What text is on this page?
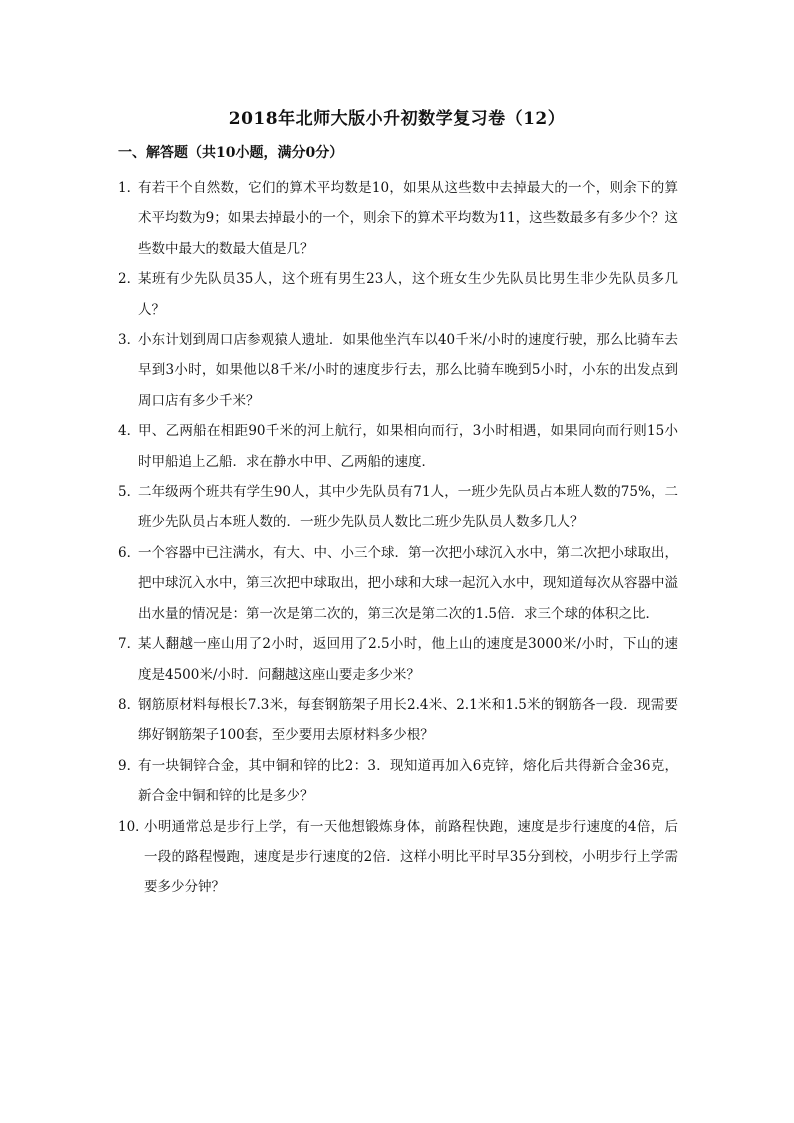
2018年北师大版小升初数学复习卷（12）
一、解答题（共10小题，满分0分）
1．
有若干个自然数，它们的算术平均数是10，如果从这些数中去掉最大的一个，则余下的算术平均数为9；如果去掉最小的一个，则余下的算术平均数为11，这些数最多有多少个？这些数中最大的数最大值是几？
2．
某班有少先队员35人，这个班有男生23人，这个班女生少先队员比男生非少先队员多几人？
3．
小东计划到周口店参观猿人遗址．如果他坐汽车以40千米/小时的速度行驶，那么比骑车去早到3小时，如果他以8千米/小时的速度步行去，那么比骑车晚到5小时，小东的出发点到周口店有多少千米？
4．
甲、乙两船在相距90千米的河上航行，如果相向而行，3小时相遇，如果同向而行则15小时甲船追上乙船．求在静水中甲、乙两船的速度．
5．
二年级两个班共有学生90人，其中少先队员有71人，一班少先队员占本班人数的75%，二班少先队员占本班人数的．一班少先队员人数比二班少先队员人数多几人？
6．
一个容器中已注满水，有大、中、小三个球．第一次把小球沉入水中，第二次把小球取出，把中球沉入水中，第三次把中球取出，把小球和大球一起沉入水中，现知道每次从容器中溢出水量的情况是：第一次是第二次的，第三次是第二次的1.5倍．求三个球的体积之比．
7．
某人翻越一座山用了2小时，返回用了2.5小时，他上山的速度是3000米/小时，下山的速度是4500米/小时．问翻越这座山要走多少米？
8．
钢筋原材料每根长7.3米，每套钢筋架子用长2.4米、2.1米和1.5米的钢筋各一段．现需要绑好钢筋架子100套，至少要用去原材料多少根？
9．
有一块铜锌合金，其中铜和锌的比2：3．现知道再加入6克锌，熔化后共得新合金36克，新合金中铜和锌的比是多少？
10．
小明通常总是步行上学，有一天他想锻炼身体，前路程快跑，速度是步行速度的4倍，后一段的路程慢跑，速度是步行速度的2倍．这样小明比平时早35分到校，小明步行上学需要多少分钟？
